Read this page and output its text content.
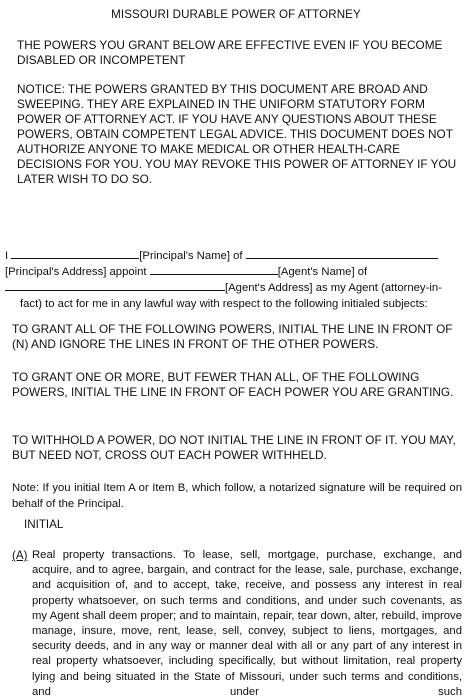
MISSOURI DURABLE POWER OF ATTORNEY

THE POWERS YOU GRANT BELOW ARE EFFECTIVE EVEN IF YOU BECOME DISABLED OR INCOMPETENT

NOTICE: THE POWERS GRANTED BY THIS DOCUMENT ARE BROAD AND SWEEPING. THEY ARE EXPLAINED IN THE UNIFORM STATUTORY FORM POWER OF ATTORNEY ACT. IF YOU HAVE ANY QUESTIONS ABOUT THESE POWERS, OBTAIN COMPETENT LEGAL ADVICE. THIS DOCUMENT DOES NOT AUTHORIZE ANYONE TO MAKE MEDICAL OR OTHER HEALTH-CARE DECISIONS FOR YOU. YOU MAY REVOKE THIS POWER OF ATTORNEY IF YOU LATER WISH TO DO SO.

I	[Principal's Name] of
[Principal's Address] appoint	[Agent's Name] of
[Agent's Address] as my Agent (attorney-in-
fact) to act for me in any lawful way with respect to the following initialed subjects:

TO GRANT ALL OF THE FOLLOWING POWERS, INITIAL THE LINE IN FRONT OF (N) AND IGNORE THE LINES IN FRONT OF THE OTHER POWERS.

TO GRANT ONE OR MORE, BUT FEWER THAN ALL, OF THE FOLLOWING POWERS, INITIAL THE LINE IN FRONT OF EACH POWER YOU ARE GRANTING.

TO WITHHOLD A POWER, DO NOT INITIAL THE LINE IN FRONT OF IT. YOU MAY, BUT NEED NOT, CROSS OUT EACH POWER WITHHELD.

Note: If you initial Item A or Item B, which follow, a notarized signature will be required on behalf of the Principal.

INITIAL
(A) Real property transactions. To lease, sell, mortgage, purchase, exchange, and acquire, and to agree, bargain, and contract for the lease, sale, purchase, exchange, and acquisition of, and to accept, take, receive, and possess any interest in real property whatsoever, on such terms and conditions, and under such covenants, as my Agent shall deem proper; and to maintain, repair, tear down, alter, rebuild, improve manage, insure, move, rent, lease, sell, convey, subject to liens, mortgages, and security deeds, and in any way or manner deal with all or any part of any interest in real property whatsoever, including specifically, but without limitation, real property lying and being situated in the State of Missouri, under such terms and conditions, and under such
